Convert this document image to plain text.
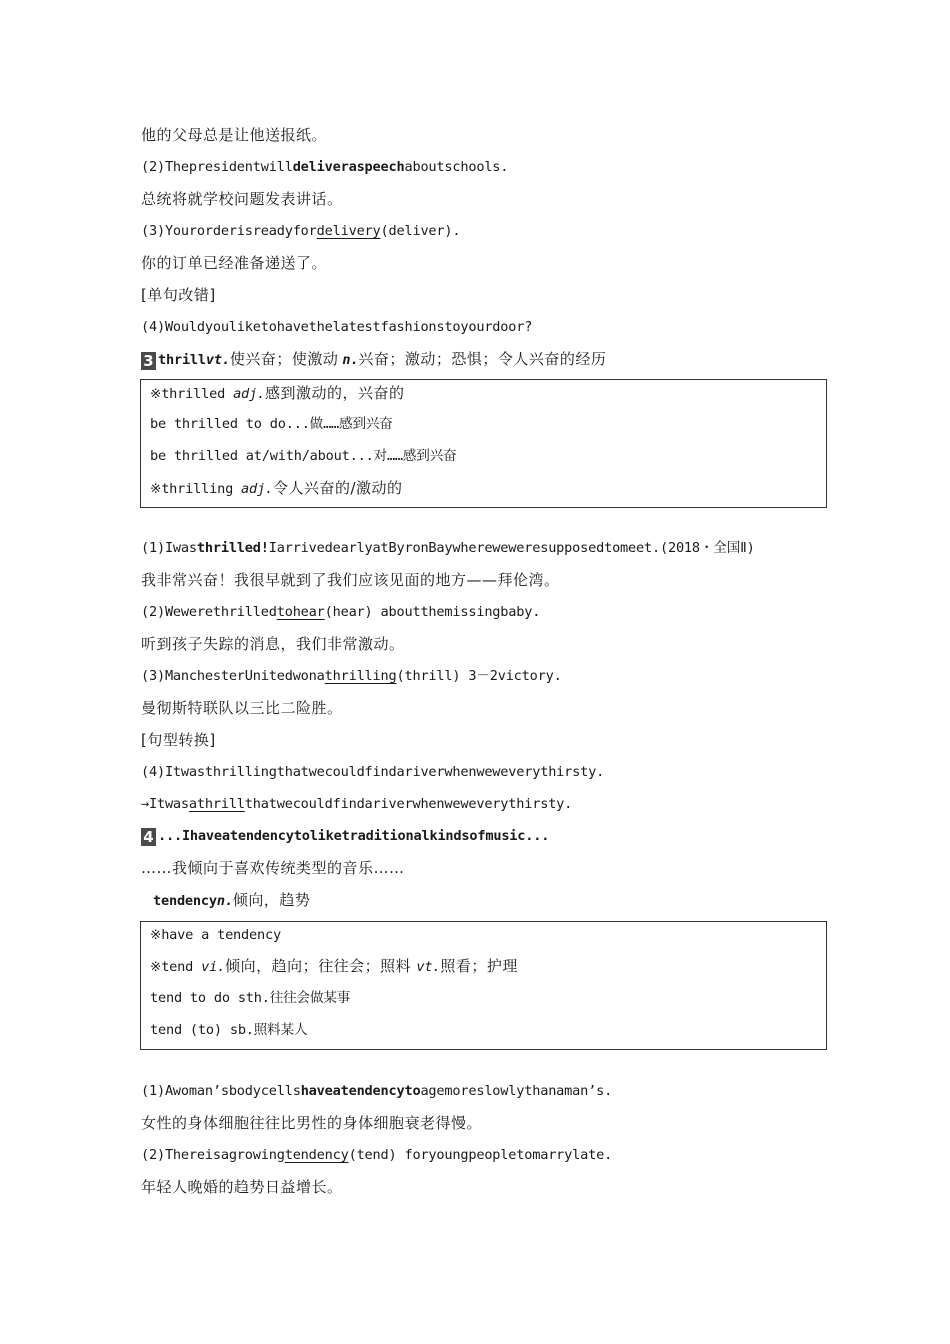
他的父母总是让他送报纸。
(2)Thepresidentwilldeliveraspeechaboutschools.
总统将就学校问题发表讲话。
(3)Yourorderisreadyfordelivery(deliver).
你的订单已经准备递送了。
[单句改错]
(4)Wouldyouliketohavethelatestfashionstoyourdoor?
3 thrillvt.使兴奋；使激动 n.兴奋；激动；恐惧；令人兴奋的经历
※thrilled adj.感到激动的，兴奋的
be thrilled to do...做……感到兴奋
be thrilled at/with/about...对……感到兴奋
※thrilling adj.令人兴奋的/激动的
(1)Iwasthrilled!IarrivedearlyatByronBaywhereweweresupposedtomeet.(2018・全国Ⅱ)
我非常兴奋！我很早就到了我们应该见面的地方——拜伦湾。
(2)Wewerethrilledtohear(hear) aboutthemissingbaby.
听到孩子失踪的消息，我们非常激动。
(3)ManchesterUnitedwonathrilling(thrill) 3－2victory.
曼彻斯特联队以三比二险胜。
[句型转换]
(4)Itwasthrillingthatwecouldfindariverwhenweweverythirsty.
→Itwasathrillthatwecouldfindariverwhenweweverythirsty.
4 ...Ihaveatendencytoliketraditionalkindsofmusic...
……我倾向于喜欢传统类型的音乐……
tendencyn.倾向，趋势
※have a tendency
※tend vi.倾向，趋向；往往会；照料 vt.照看；护理
tend to do sth.往往会做某事
tend (to) sb.照料某人
(1)Awoman’sbodycellshaveatendencytoagemoreslowlythanaman’s.
女性的身体细胞往往比男性的身体细胞衰老得慢。
(2)Thereisagrowingtendency(tend) foryoungpeopletomarrylate.
年轻人晚婚的趋势日益增长。
